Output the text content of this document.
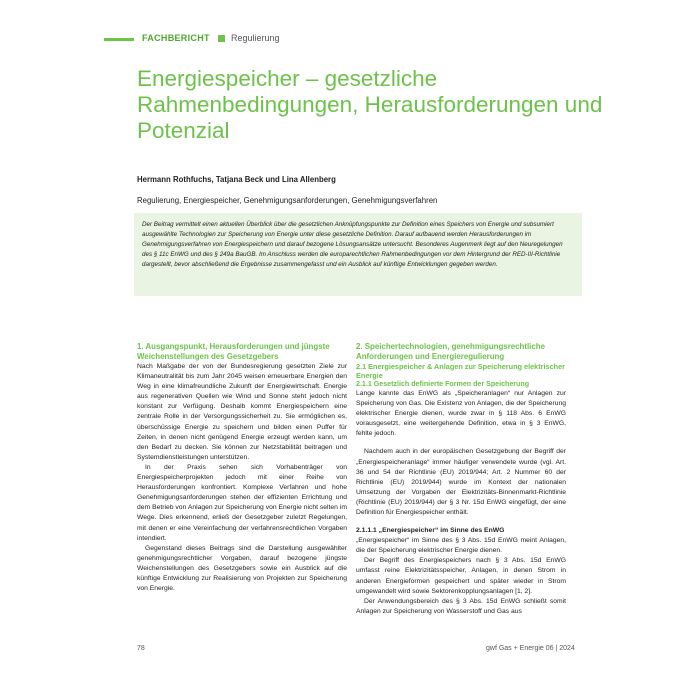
FACHBERICHT Regulierung
Energiespeicher – gesetzliche Rahmenbedingungen, Herausforderungen und Potenzial
Hermann Rothfuchs, Tatjana Beck und Lina Allenberg
Regulierung, Energiespeicher, Genehmigungsanforderungen, Genehmigungsverfahren

Der Beitrag vermittelt einen aktuellen Überblick über die gesetzlichen Anknüpfungspunkte zur Definition eines Speichers von Energie und subsumiert ausgewählte Technologien zur Speicherung von Energie unter diese gesetzliche Definition. Darauf aufbauend werden Herausforderungen im Genehmigungsverfahren von Energiespeichern und darauf bezogene Lösungsansätze untersucht. Besonderes Augenmerk liegt auf den Neuregelungen des § 11c EnWG und des § 249a BauGB. Im Anschluss werden die europarechtlichen Rahmenbedingungen vor dem Hintergrund der RED-III-Richtlinie dargestellt, bevor abschließend die Ergebnisse zusammengefasst und ein Ausblick auf künftige Entwicklungen gegeben werden.

1. Ausgangspunkt, Herausforderungen und jüngste Weichenstellungen des Gesetzgebers

Nach Maßgabe der von der Bundesregierung gesetzten Ziele zur Klimaneutralität bis zum Jahr 2045 weisen erneuerbare Energien den Weg in eine klimafreundliche Zukunft der Energiewirtschaft. Energie aus regenerativen Quellen wie Wind und Sonne steht jedoch nicht konstant zur Verfügung. Deshalb kommt Energiespeichern eine zentrale Rolle in der Versorgungssicherheit zu. Sie ermöglichen es, überschüssige Energie zu speichern und bilden einen Puffer für Zeiten, in denen nicht genügend Energie erzeugt werden kann, um den Bedarf zu decken. Sie können zur Netzstabilität beitragen und Systemdienstleistungen unterstützen.

In der Praxis sehen sich Vorhabenträger von Energiespeicherprojekten jedoch mit einer Reihe von Herausforderungen konfrontiert. Komplexe Verfahren und hohe Genehmigungsanforderungen stehen der effizienten Errichtung und dem Betrieb von Anlagen zur Speicherung von Energie nicht selten im Wege. Dies erkennend, erließ der Gesetzgeber zuletzt Regelungen, mit denen er eine Vereinfachung der verfahrensrechtlichen Vorgaben intendiert.

Gegenstand dieses Beitrags sind die Darstellung ausgewählter genehmigungsrechtlicher Vorgaben, darauf bezogene jüngste Weichenstellungen des Gesetzgebers sowie ein Ausblick auf die künftige Entwicklung zur Realisierung von Projekten zur Speicherung von Energie.

2. Speichertechnologien, genehmigungsrechtliche Anforderungen und Energieregulierung
2.1 Energiespeicher & Anlagen zur Speicherung elektrischer Energie
2.1.1 Gesetzlich definierte Formen der Speicherung

Lange kannte das EnWG als „Speicheranlagen“ nur Anlagen zur Speicherung von Gas. Die Existenz von Anlagen, die der Speicherung elektrischer Energie dienen, wurde zwar in § 118 Abs. 6 EnWG vorausgesetzt, eine weitergehende Definition, etwa in § 3 EnWG, fehlte jedoch.

Nachdem auch in der europäischen Gesetzgebung der Begriff der „Energiespeicheranlage“ immer häufiger verwendete wurde (vgl. Art. 36 und 54 der Richtlinie (EU) 2019/944; Art. 2 Nummer 60 der Richtlinie (EU) 2019/944) wurde im Kontext der nationalen Umsetzung der Vorgaben der Elektrizitäts-Binnenmarkt-Richtlinie (Richtlinie (EU) 2019/944) der § 3 Nr. 15d EnWG eingefügt, der eine Definition für Energiespeicher enthält.

2.1.1.1 „Energiespeicher“ im Sinne des EnWG

„Energiespeicher“ im Sinne des § 3 Abs. 15d EnWG meint Anlagen, die der Speicherung elektrischer Energie dienen.

Der Begriff des Energiespeichers nach § 3 Abs. 15d EnWG umfasst reine Elektrizitätsspeicher, Anlagen, in denen Strom in anderen Energieformen gespeichert und später wieder in Strom umgewandelt wird sowie Sektorenkopplungsanlagen [1, 2].

Der Anwendungsbereich des § 3 Abs. 15d EnWG schließt somit Anlagen zur Speicherung von Wasserstoff und Gas aus

78	gwf Gas + Energie 06 | 2024
